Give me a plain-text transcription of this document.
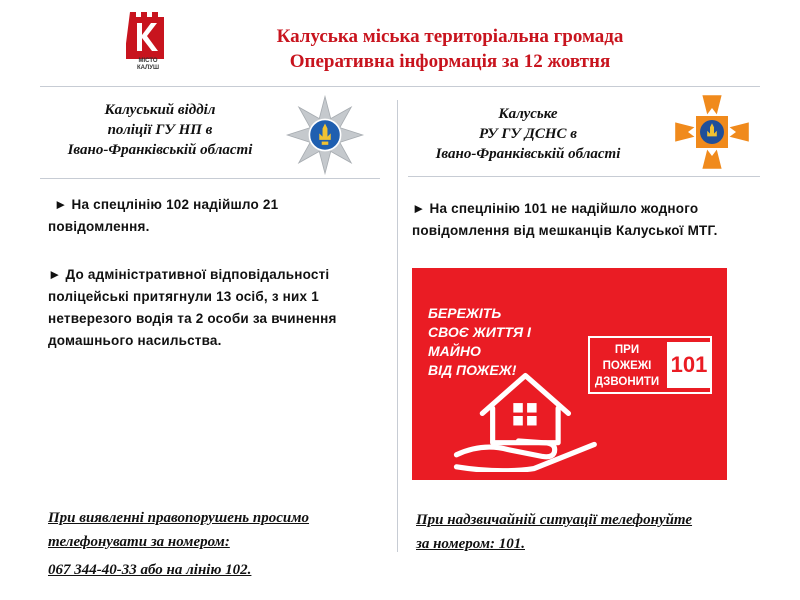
МІСТО
КАЛУШ
Калуська міська територіальна громада
Оперативна інформація за 12 жовтня
Калуський відділ
поліції ГУ НП в
Івано-Франківській області
► На спецлінію 102 надійшло 21 повідомлення.
► До адміністративної відповідальності поліцейські притягнули 13 осіб, з них 1 нетверезого водія та 2 особи за вчинення домашнього насильства.
При виявленні правопорушень просимо
телефонувати за номером:
067 344-40-33 або на лінію 102.
Калуське
РУ ГУ ДСНС в
Івано-Франківській області
► На спецлінію 101 не надійшло жодного повідомлення від мешканців Калуської МТГ.
БЕРЕЖІТЬ
СВОЄ ЖИТТЯ І МАЙНО
ВІД ПОЖЕЖ!
ПРИ
ПОЖЕЖІ
ДЗВОНИТИ
101
При надзвичайній ситуації телефонуйте
за номером: 101.
